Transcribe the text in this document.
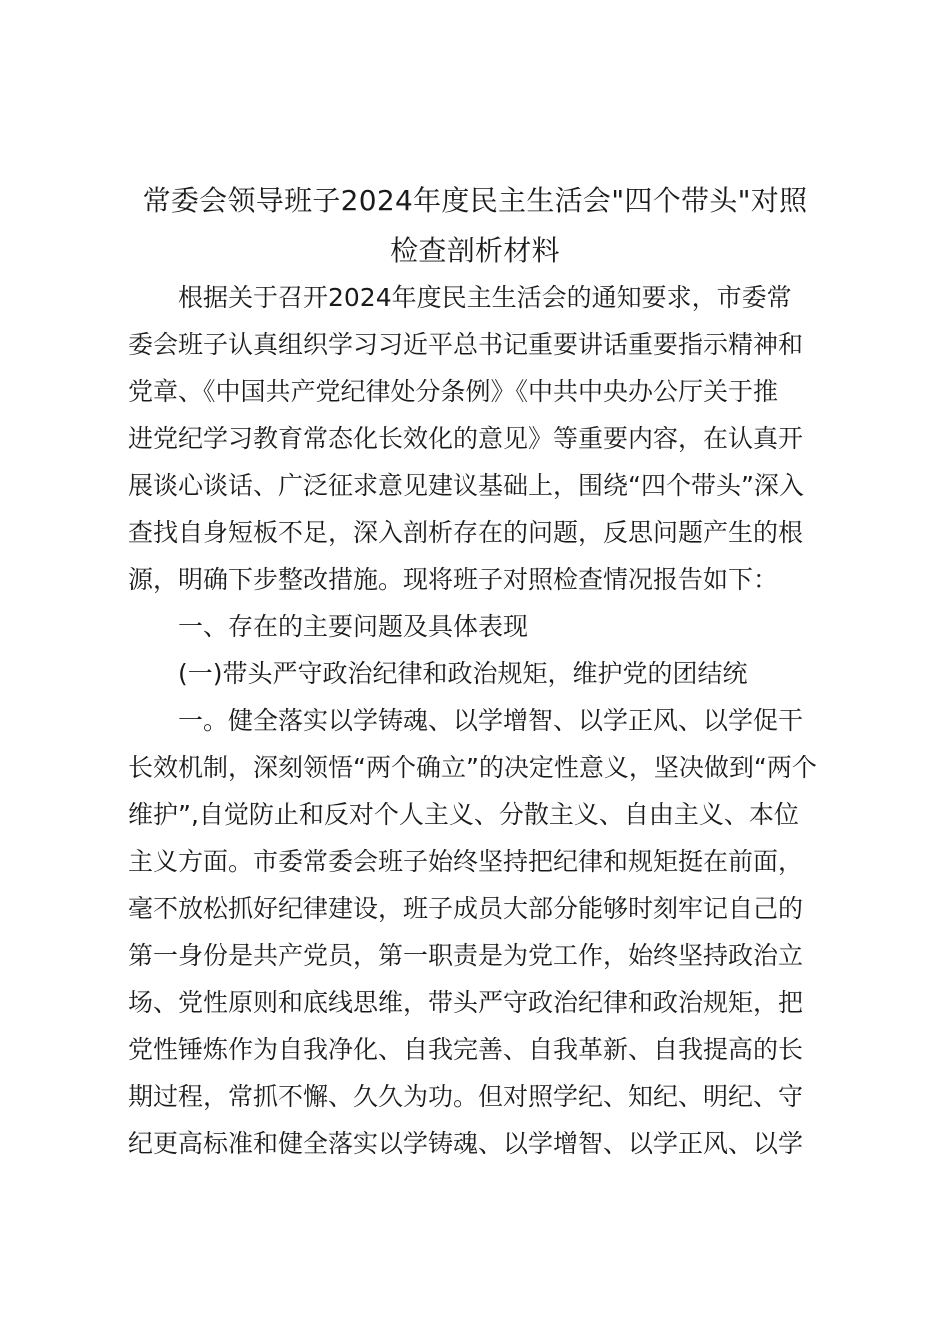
常委会领导班子2024年度民主生活会"四个带头"对照
检查剖析材料
根据关于召开2024年度民主生活会的通知要求，市委常
委会班子认真组织学习习近平总书记重要讲话重要指示精神和
党章、《中国共产党纪律处分条例》《中共中央办公厅关于推
进党纪学习教育常态化长效化的意见》等重要内容，在认真开
展谈心谈话、广泛征求意见建议基础上，围绕“四个带头”深入
查找自身短板不足，深入剖析存在的问题，反思问题产生的根
源，明确下步整改措施。现将班子对照检查情况报告如下：
一、存在的主要问题及具体表现
(一)带头严守政治纪律和政治规矩，维护党的团结统
一。健全落实以学铸魂、以学增智、以学正风、以学促干
长效机制，深刻领悟“两个确立”的决定性意义，坚决做到“两个
维护”,自觉防止和反对个人主义、分散主义、自由主义、本位
主义方面。市委常委会班子始终坚持把纪律和规矩挺在前面，
毫不放松抓好纪律建设，班子成员大部分能够时刻牢记自己的
第一身份是共产党员，第一职责是为党工作，始终坚持政治立
场、党性原则和底线思维，带头严守政治纪律和政治规矩，把
党性锤炼作为自我净化、自我完善、自我革新、自我提高的长
期过程，常抓不懈、久久为功。但对照学纪、知纪、明纪、守
纪更高标准和健全落实以学铸魂、以学增智、以学正风、以学
